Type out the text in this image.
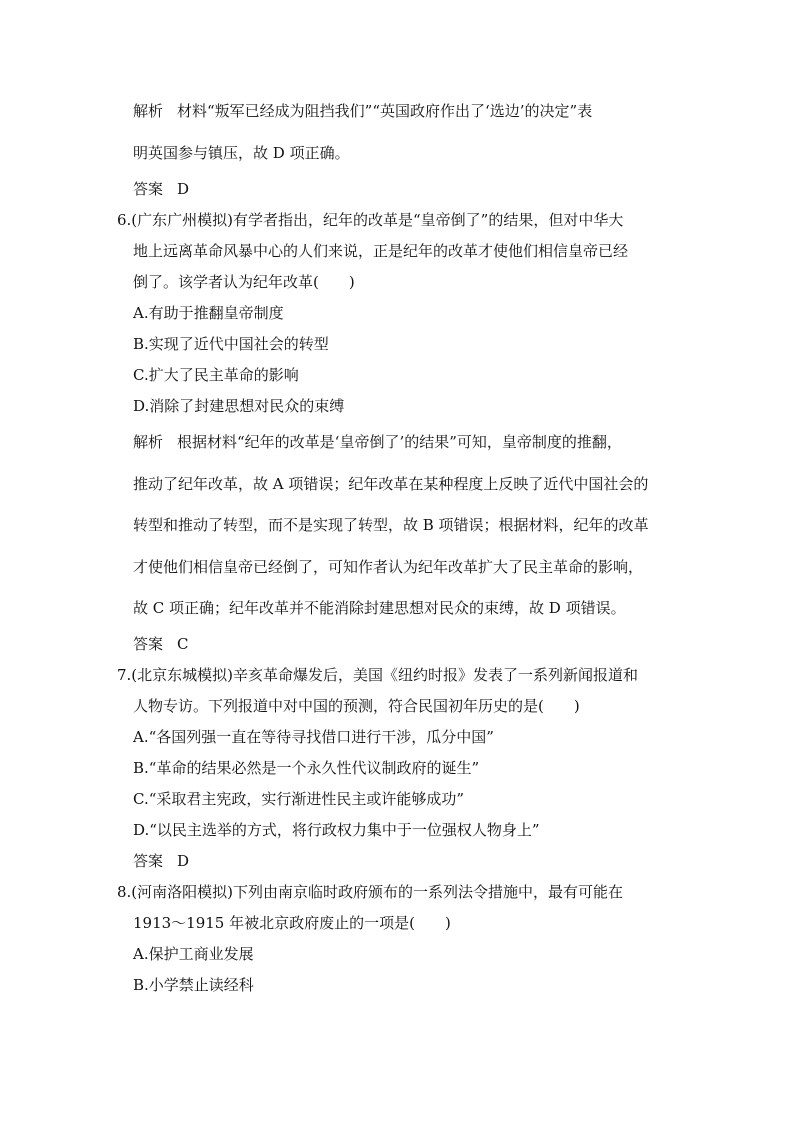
解析 材料“叛军已经成为阻挡我们”“英国政府作出了‘选边’的决定”表
明英国参与镇压，故 D 项正确。
答案 D
6.(广东广州模拟)有学者指出，纪年的改革是“皇帝倒了”的结果，但对中华大
地上远离革命风暴中心的人们来说，正是纪年的改革才使他们相信皇帝已经
倒了。该学者认为纪年改革(　　)
A.有助于推翻皇帝制度
B.实现了近代中国社会的转型
C.扩大了民主革命的影响
D.消除了封建思想对民众的束缚
解析 根据材料“纪年的改革是‘皇帝倒了’的结果”可知，皇帝制度的推翻，
推动了纪年改革，故 A 项错误；纪年改革在某种程度上反映了近代中国社会的
转型和推动了转型，而不是实现了转型，故 B 项错误；根据材料，纪年的改革
才使他们相信皇帝已经倒了，可知作者认为纪年改革扩大了民主革命的影响，
故 C 项正确；纪年改革并不能消除封建思想对民众的束缚，故 D 项错误。
答案 C
7.(北京东城模拟)辛亥革命爆发后，美国《纽约时报》发表了一系列新闻报道和
人物专访。下列报道中对中国的预测，符合民国初年历史的是(　　)
A.“各国列强一直在等待寻找借口进行干涉，瓜分中国”
B.“革命的结果必然是一个永久性代议制政府的诞生”
C.“采取君主宪政，实行渐进性民主或许能够成功”
D.“以民主选举的方式，将行政权力集中于一位强权人物身上”
答案 D
8.(河南洛阳模拟)下列由南京临时政府颁布的一系列法令措施中，最有可能在
1913～1915 年被北京政府废止的一项是(　　)
A.保护工商业发展
B.小学禁止读经科
